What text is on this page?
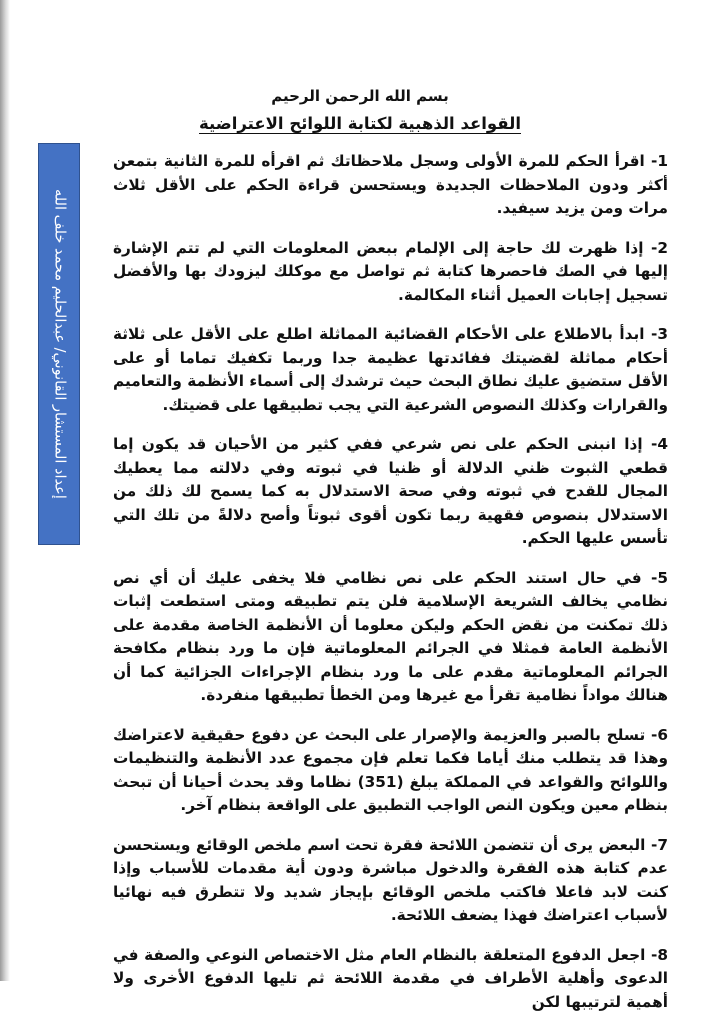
بسم الله الرحمن الرحيم

القواعد الذهبية لكتابة اللوائح الاعتراضية

إعداد المستشار القانوني/ عبدالحليم محمد خلف الله

1- اقرأ الحكم للمرة الأولى وسجل ملاحظاتك ثم اقرأه للمرة الثانية بتمعن أكثر ودون الملاحظات الجديدة ويستحسن قراءة الحكم على الأقل ثلاث مرات ومن يزيد سيفيد.

2- إذا ظهرت لك حاجة إلى الإلمام ببعض المعلومات التي لم تتم الإشارة إليها في الصك فاحصرها كتابة ثم تواصل مع موكلك ليزودك بها والأفضل تسجيل إجابات العميل أثناء المكالمة.

3- ابدأ بالاطلاع على الأحكام القضائية المماثلة اطلع على الأقل على ثلاثة أحكام مماثلة لقضيتك ففائدتها عظيمة جدا وربما تكفيك تماما أو على الأقل ستضيق عليك نطاق البحث حيث ترشدك إلى أسماء الأنظمة والتعاميم والقرارات وكذلك النصوص الشرعية التي يجب تطبيقها على قضيتك.

4- إذا انبنى الحكم على نص شرعي ففي كثير من الأحيان قد يكون إما قطعي الثبوت ظني الدلالة أو ظنيا في ثبوته وفي دلالته مما يعطيك المجال للقدح في ثبوته وفي صحة الاستدلال به كما يسمح لك ذلك من الاستدلال بنصوص فقهية ربما تكون أقوى ثبوتاً وأصح دلالةً من تلك التي تأسس عليها الحكم.

5- في حال استند الحكم على نص نظامي فلا يخفى عليك أن أي نص نظامي يخالف الشريعة الإسلامية فلن يتم تطبيقه ومتى استطعت إثبات ذلك تمكنت من نقض الحكم وليكن معلوما أن الأنظمة الخاصة مقدمة على الأنظمة العامة فمثلا في الجرائم المعلوماتية فإن ما ورد بنظام مكافحة الجرائم المعلوماتية مقدم على ما ورد بنظام الإجراءات الجزائية كما أن هنالك مواداً نظامية تقرأ مع غيرها ومن الخطأ تطبيقها منفردة.

6- تسلح بالصبر والعزيمة والإصرار على البحث عن دفوع حقيقية لاعتراضك وهذا قد يتطلب منك أياما فكما تعلم فإن مجموع عدد الأنظمة والتنظيمات واللوائح والقواعد في المملكة يبلغ (351) نظاما وقد يحدث أحيانا أن تبحث بنظام معين ويكون النص الواجب التطبيق على الواقعة بنظام آخر.

7- البعض يرى أن تتضمن اللائحة فقرة تحت اسم ملخص الوقائع ويستحسن عدم كتابة هذه الفقرة والدخول مباشرة ودون أية مقدمات للأسباب وإذا كنت لابد فاعلا فاكتب ملخص الوقائع بإيجاز شديد ولا تتطرق فيه نهائيا لأسباب اعتراضك فهذا يضعف اللائحة.

8- اجعل الدفوع المتعلقة بالنظام العام مثل الاختصاص النوعي والصفة في الدعوى وأهلية الأطراف في مقدمة اللائحة ثم تليها الدفوع الأخرى ولا أهمية لترتيبها لكن
